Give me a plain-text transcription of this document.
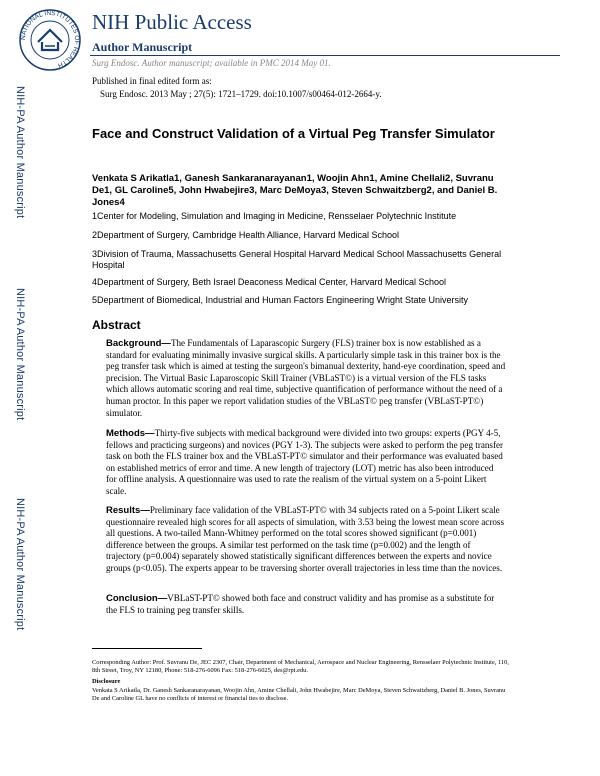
NATIONAL INSTITUTES OF HEALTH
NIH Public Access
Author Manuscript
Surg Endosc. Author manuscript; available in PMC 2014 May 01.
NIH-PA Author Manuscript
NIH-PA Author Manuscript
NIH-PA Author Manuscript
Published in final edited form as:
Surg Endosc. 2013 May ; 27(5): 1721–1729. doi:10.1007/s00464-012-2664-y.
Face and Construct Validation of a Virtual Peg Transfer Simulator
Venkata S Arikatla1, Ganesh Sankaranarayanan1, Woojin Ahn1, Amine Chellali2, Suvranu De1, GL Caroline5, John Hwabejire3, Marc DeMoya3, Steven Schwaitzberg2, and Daniel B. Jones4
1Center for Modeling, Simulation and Imaging in Medicine, Rensselaer Polytechnic Institute
2Department of Surgery, Cambridge Health Alliance, Harvard Medical School
3Division of Trauma, Massachusetts General Hospital Harvard Medical School Massachusetts General Hospital
4Department of Surgery, Beth Israel Deaconess Medical Center, Harvard Medical School
5Department of Biomedical, Industrial and Human Factors Engineering Wright State University
Abstract
Background—The Fundamentals of Laparascopic Surgery (FLS) trainer box is now established as a standard for evaluating minimally invasive surgical skills. A particularly simple task in this trainer box is the peg transfer task which is aimed at testing the surgeon's bimanual dexterity, hand-eye coordination, speed and precision. The Virtual Basic Laparoscopic Skill Trainer (VBLaST©) is a virtual version of the FLS tasks which allows automatic scoring and real time, subjective quantification of performance without the need of a human proctor. In this paper we report validation studies of the VBLaST© peg transfer (VBLaST-PT©) simulator.
Methods—Thirty-five subjects with medical background were divided into two groups: experts (PGY 4-5, fellows and practicing surgeons) and novices (PGY 1-3). The subjects were asked to perform the peg transfer task on both the FLS trainer box and the VBLaST-PT© simulator and their performance was evaluated based on established metrics of error and time. A new length of trajectory (LOT) metric has also been introduced for offline analysis. A questionnaire was used to rate the realism of the virtual system on a 5-point Likert scale.
Results—Preliminary face validation of the VBLaST-PT© with 34 subjects rated on a 5-point Likert scale questionnaire revealed high scores for all aspects of simulation, with 3.53 being the lowest mean score across all questions. A two-tailed Mann-Whitney performed on the total scores showed significant (p=0.001) difference between the groups. A similar test performed on the task time (p=0.002) and the length of trajectory (p=0.004) separately showed statistically significant differences between the experts and novice groups (p<0.05). The experts appear to be traversing shorter overall trajectories in less time than the novices.
Conclusion—VBLaST-PT© showed both face and construct validity and has promise as a substitute for the FLS to training peg transfer skills.
Corresponding Author: Prof. Suvranu De, JEC 2307, Chair, Department of Mechanical, Aerospace and Nuclear Engineering, Rensselaer Polytechnic Institute, 110, 8th Street, Troy, NY 12180, Phone: 518-276-6096 Fax: 518-276-6025, des@rpi.edu.
Disclosure
Venkata S Arikatla, Dr. Ganesh Sankaranarayanan, Woojin Ahn, Amine Chellali, John Hwabejire, Marc DeMoya, Steven Schwaitzberg, Daniel B. Jones, Suvranu De and Caroline GL have no conflicts of interest or financial ties to disclose.
